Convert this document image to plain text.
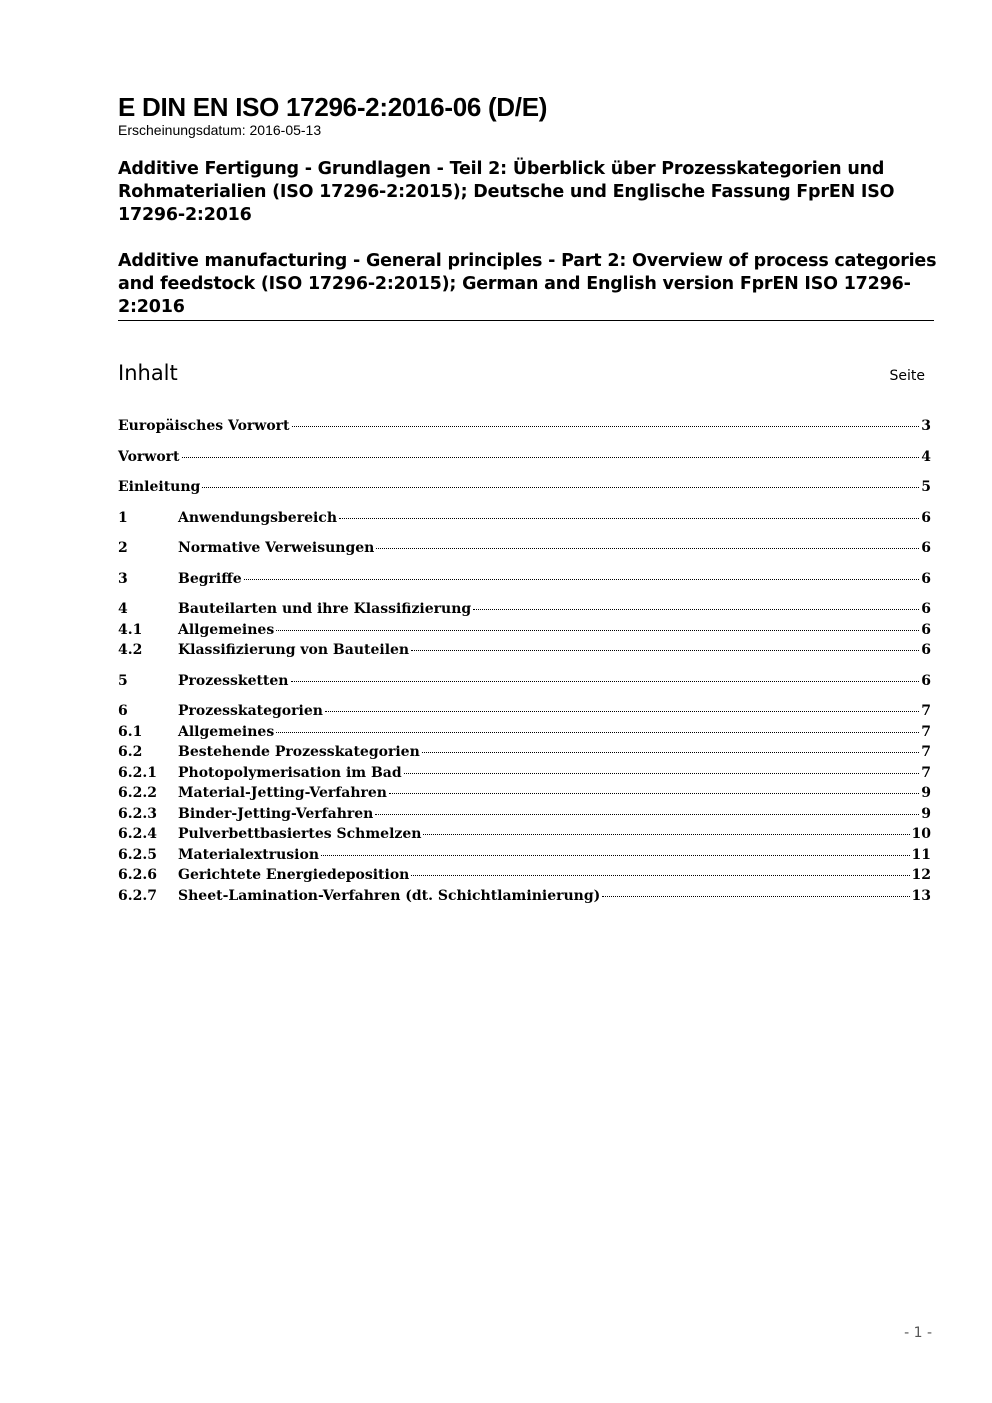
E DIN EN ISO 17296-2:2016-06 (D/E)
Erscheinungsdatum: 2016-05-13
Additive Fertigung - Grundlagen - Teil 2: Überblick über Prozesskategorien und Rohmaterialien (ISO 17296-2:2015); Deutsche und Englische Fassung FprEN ISO 17296-2:2016
Additive manufacturing - General principles - Part 2: Overview of process categories and feedstock (ISO 17296-2:2015); German and English version FprEN ISO 17296-2:2016
Inhalt	Seite
Europäisches Vorwort	3
Vorwort	4
Einleitung	5
1	Anwendungsbereich	6
2	Normative Verweisungen	6
3	Begriffe	6
4	Bauteilarten und ihre Klassifizierung	6
4.1	Allgemeines	6
4.2	Klassifizierung von Bauteilen	6
5	Prozessketten	6
6	Prozesskategorien	7
6.1	Allgemeines	7
6.2	Bestehende Prozesskategorien	7
6.2.1	Photopolymerisation im Bad	7
6.2.2	Material-Jetting-Verfahren	9
6.2.3	Binder-Jetting-Verfahren	9
6.2.4	Pulverbettbasiertes Schmelzen	10
6.2.5	Materialextrusion	11
6.2.6	Gerichtete Energiedeposition	12
6.2.7	Sheet-Lamination-Verfahren (dt. Schichtlaminierung)	13
- 1 -
